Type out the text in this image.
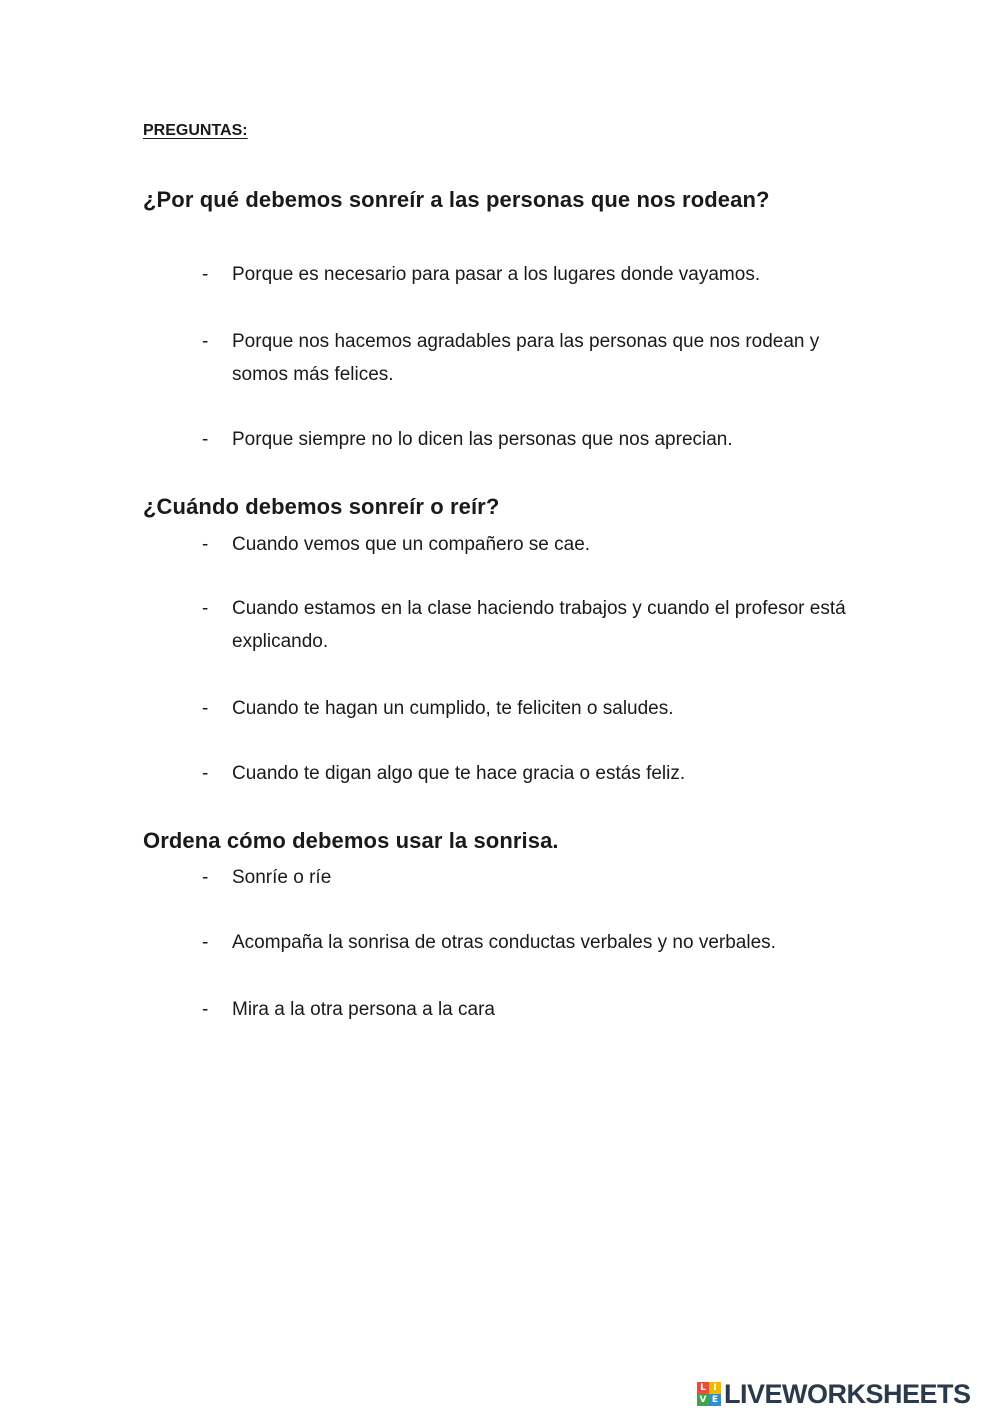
PREGUNTAS:
¿Por qué debemos sonreír a las personas que nos rodean?
-	Porque es necesario para pasar a los lugares donde vayamos.
-	Porque nos hacemos agradables para las personas que nos rodean y somos más felices.
-	Porque siempre no lo dicen las personas que nos aprecian.
¿Cuándo debemos sonreír o reír?
-	Cuando vemos que un compañero se cae.
-	Cuando estamos en la clase haciendo trabajos y cuando el profesor está explicando.
-	Cuando te hagan un cumplido, te feliciten o saludes.
-	Cuando te digan algo que te hace gracia o estás feliz.
Ordena cómo debemos usar la sonrisa.
-	Sonríe o ríe
-	Acompaña la sonrisa de otras conductas verbales y no verbales.
-	Mira a la otra persona a la cara
L I
V E LIVEWORKSHEETS
